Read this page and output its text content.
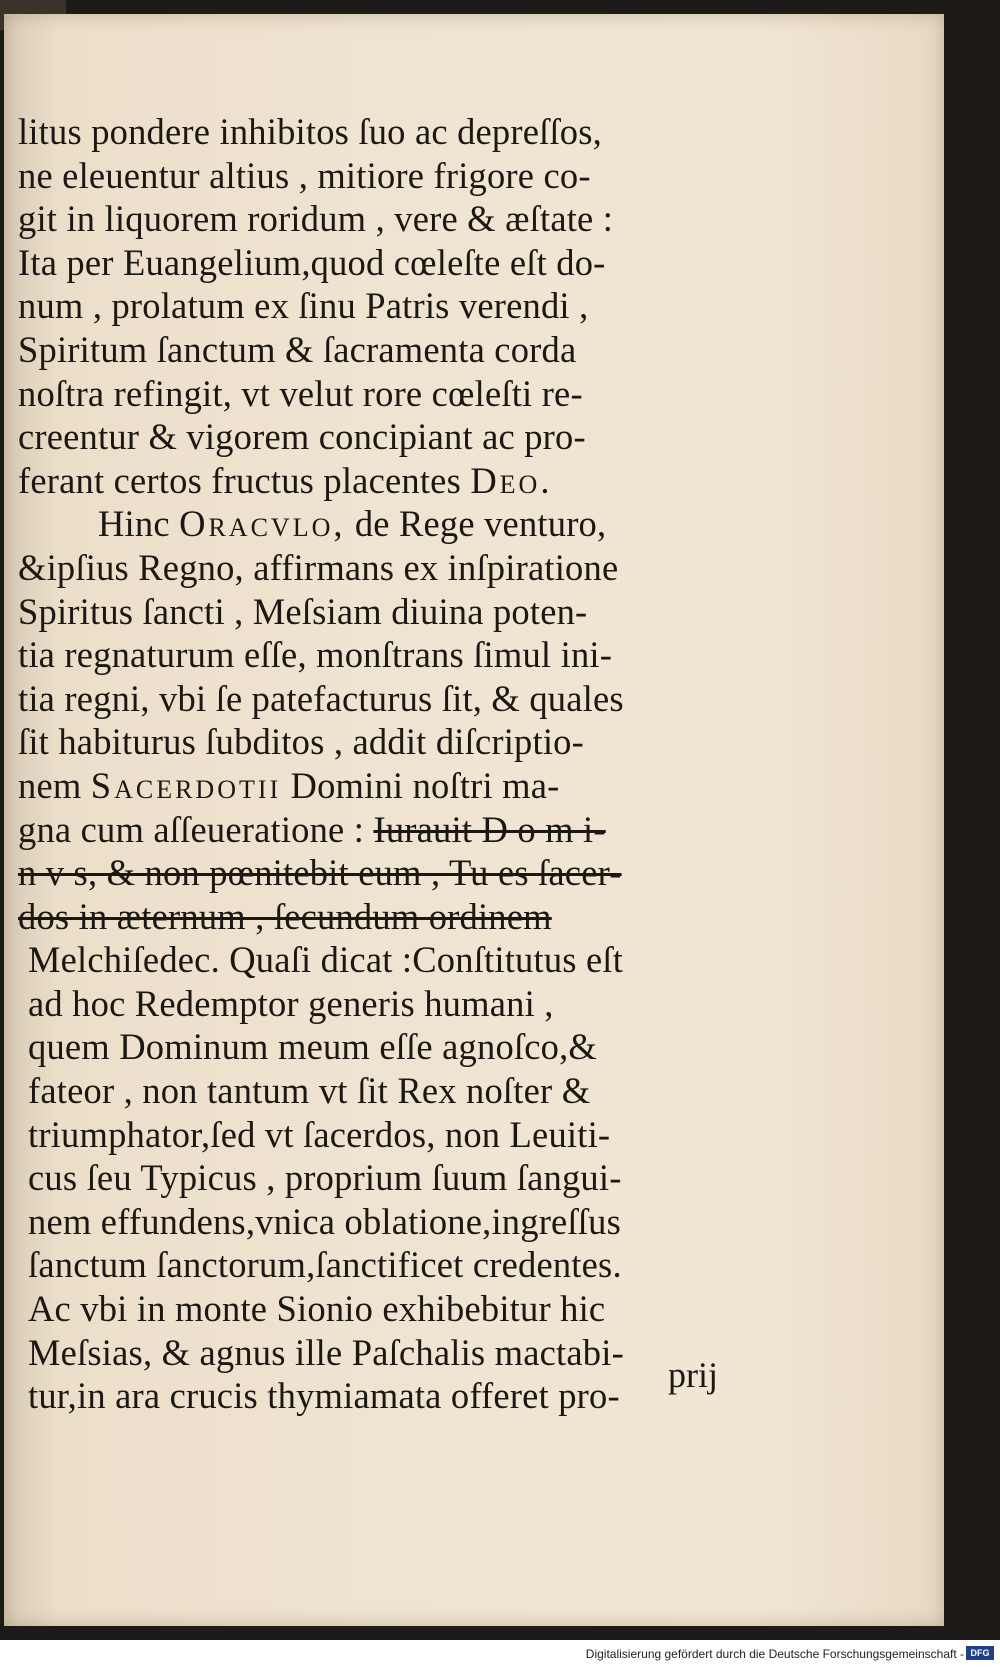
litus pondere inhibitos ſuo ac depreſſos,
ne eleuentur altius , mitiore frigore co-
git in liquorem roridum , vere & æſtate :
Ita per Euangelium,quod cœleſte eſt do-
num , prolatum ex ſinu Patris verendi ,
Spiritum ſanctum & ſacramenta corda
noſtra refingit, vt velut rore cœleſti re-
creentur & vigorem concipiant ac pro-
ferant certos fructus placentes Deo.
Hinc Oracvlo, de Rege venturo,
&ipſius Regno, affirmans ex inſpiratione
Spiritus ſancti , Meſsiam diuina poten-
tia regnaturum eſſe, monſtrans ſimul ini-
tia regni, vbi ſe patefacturus ſit, & quales
ſit habiturus ſubditos , addit diſcriptio-
nem Sacerdotii Domini noſtri ma-
gna cum aſſeueratione : Iurauit D o m i-
n v s, & non pœnitebit eum , Tu es ſacer-
dos in æternum , ſecundum ordinem
Melchiſedec. Quaſi dicat :Conſtitutus eſt
ad hoc Redemptor generis humani ,
quem Dominum meum eſſe agnoſco,&
fateor , non tantum vt ſit Rex noſter &
triumphator,ſed vt ſacerdos, non Leuiti-
cus ſeu Typicus , proprium ſuum ſangui-
nem effundens,vnica oblatione,ingreſſus
ſanctum ſanctorum,ſanctificet credentes.
Ac vbi in monte Sionio exhibebitur hic
Meſsias, & agnus ille Paſchalis mactabi-
tur,in ara crucis thymiamata offeret pro-
prij
Digitalisierung gefördert durch die Deutsche Forschungsgemeinschaft - DFG
